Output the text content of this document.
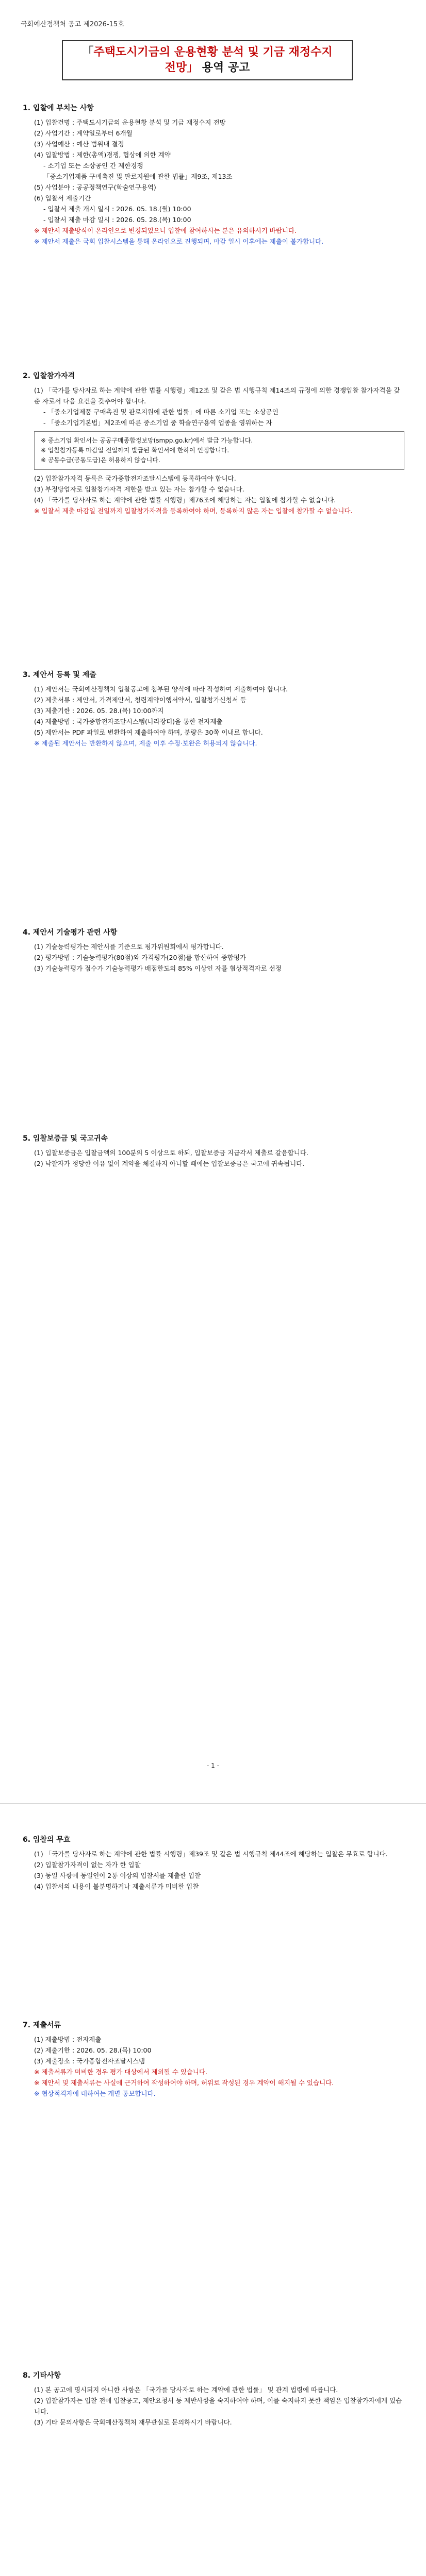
국회예산정책처 공고 제2026-15호
「주택도시기금의 운용현황 분석 및 기금 재정수지
전망」 용역 공고
1. 입찰에 부치는 사항
(1) 입찰건명 : 주택도시기금의 운용현황 분석 및 기금 재정수지 전망
(2) 사업기간 : 계약일로부터 6개월
(3) 사업예산 : 예산 범위내 결정
(4) 입찰방법 : 제한(총액)경쟁, 협상에 의한 계약
- 소기업 또는 소상공인 간 제한경쟁
「중소기업제품 구매촉진 및 판로지원에 관한 법률」제9조, 제13조
(5) 사업분야 : 공공정책연구(학술연구용역)
(6) 입찰서 제출기간
- 입찰서 제출 개시 일시 : 2026. 05. 18.(월) 10:00
- 입찰서 제출 마감 일시 : 2026. 05. 28.(목) 10:00
※ 제안서 제출방식이 온라인으로 변경되었으니 입찰에 참여하시는 분은 유의하시기 바랍니다.
※ 제안서 제출은 국회 입찰시스템을 통해 온라인으로 진행되며, 마감 일시 이후에는 제출이 불가합니다.
2. 입찰참가자격
(1) 「국가를 당사자로 하는 계약에 관한 법률 시행령」제12조 및 같은 법 시행규칙 제14조의 규정에 의한 경쟁입찰 참가자격을 갖춘 자로서 다음 요건을 갖추어야 합니다.
- 「중소기업제품 구매촉진 및 판로지원에 관한 법률」에 따른 소기업 또는 소상공인
- 「중소기업기본법」제2조에 따른 중소기업 중 학술연구용역 업종을 영위하는 자
※ 중소기업 확인서는 공공구매종합정보망(smpp.go.kr)에서 발급 가능합니다.
※ 입찰참가등록 마감일 전일까지 발급된 확인서에 한하여 인정합니다.
※ 공동수급(공동도급)은 허용하지 않습니다.
(2) 입찰참가자격 등록은 국가종합전자조달시스템에 등록하여야 합니다.
(3) 부정당업자로 입찰참가자격 제한을 받고 있는 자는 참가할 수 없습니다.
(4) 「국가를 당사자로 하는 계약에 관한 법률 시행령」제76조에 해당하는 자는 입찰에 참가할 수 없습니다.
※ 입찰서 제출 마감일 전일까지 입찰참가자격을 등록하여야 하며, 등록하지 않은 자는 입찰에 참가할 수 없습니다.
3. 제안서 등록 및 제출
(1) 제안서는 국회예산정책처 입찰공고에 첨부된 양식에 따라 작성하여 제출하여야 합니다.
(2) 제출서류 : 제안서, 가격제안서, 청렴계약이행서약서, 입찰참가신청서 등
(3) 제출기한 : 2026. 05. 28.(목) 10:00까지
(4) 제출방법 : 국가종합전자조달시스템(나라장터)을 통한 전자제출
(5) 제안서는 PDF 파일로 변환하여 제출하여야 하며, 분량은 30쪽 이내로 합니다.
※ 제출된 제안서는 반환하지 않으며, 제출 이후 수정·보완은 허용되지 않습니다.
4. 제안서 기술평가 관련 사항
(1) 기술능력평가는 제안서를 기준으로 평가위원회에서 평가합니다.
(2) 평가방법 : 기술능력평가(80점)와 가격평가(20점)를 합산하여 종합평가
(3) 기술능력평가 점수가 기술능력평가 배점한도의 85% 이상인 자를 협상적격자로 선정
5. 입찰보증금 및 국고귀속
(1) 입찰보증금은 입찰금액의 100분의 5 이상으로 하되, 입찰보증금 지급각서 제출로 갈음합니다.
(2) 낙찰자가 정당한 이유 없이 계약을 체결하지 아니할 때에는 입찰보증금은 국고에 귀속됩니다.
- 1 -
6. 입찰의 무효
(1) 「국가를 당사자로 하는 계약에 관한 법률 시행령」제39조 및 같은 법 시행규칙 제44조에 해당하는 입찰은 무효로 합니다.
(2) 입찰참가자격이 없는 자가 한 입찰
(3) 동일 사항에 동일인이 2통 이상의 입찰서를 제출한 입찰
(4) 입찰서의 내용이 불분명하거나 제출서류가 미비한 입찰
7. 제출서류
(1) 제출방법 : 전자제출
(2) 제출기한 : 2026. 05. 28.(목) 10:00
(3) 제출장소 : 국가종합전자조달시스템
※ 제출서류가 미비한 경우 평가 대상에서 제외될 수 있습니다.
※ 제안서 및 제출서류는 사실에 근거하여 작성하여야 하며, 허위로 작성된 경우 계약이 해지될 수 있습니다.
※ 협상적격자에 대하여는 개별 통보합니다.
8. 기타사항
(1) 본 공고에 명시되지 아니한 사항은 「국가를 당사자로 하는 계약에 관한 법률」 및 관계 법령에 따릅니다.
(2) 입찰참가자는 입찰 전에 입찰공고, 제안요청서 등 제반사항을 숙지하여야 하며, 이를 숙지하지 못한 책임은 입찰참가자에게 있습니다.
(3) 기타 문의사항은 국회예산정책처 재무관실로 문의하시기 바랍니다.
